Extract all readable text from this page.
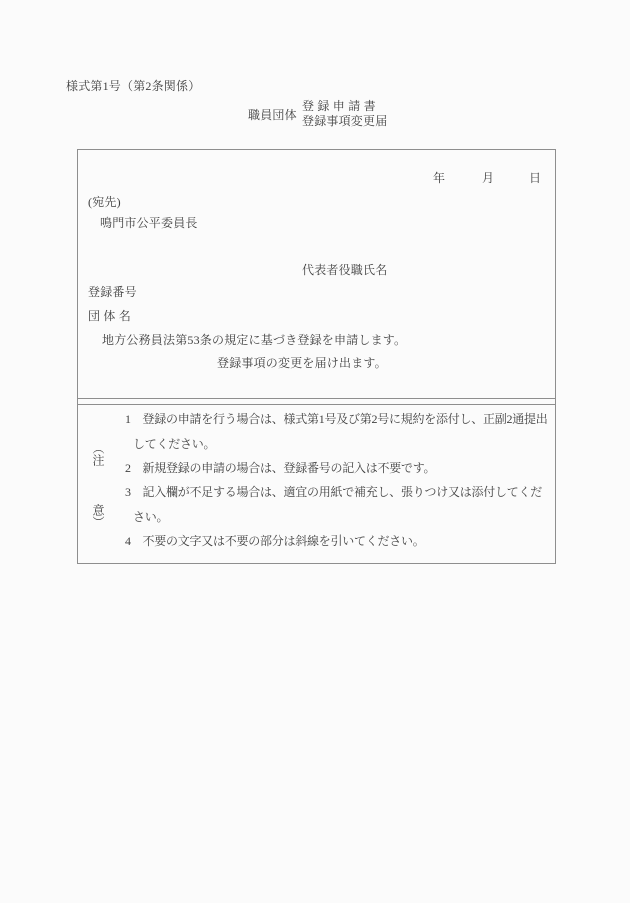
様式第1号（第2条関係）
職員団体
登 録 申 請 書
登録事項変更届
年	月	日
(宛先)
鳴門市公平委員長
代表者役職氏名
登録番号
団 体 名
地方公務員法第53条の規定に基づき登録を申請します。
登録事項の変更を届け出ます。
（注
意）
1　登録の申請を行う場合は、様式第1号及び第2号に規約を添付し、正副2通提出
してください。
2　新規登録の申請の場合は、登録番号の記入は不要です。
3　記入欄が不足する場合は、適宜の用紙で補充し、張りつけ又は添付してくだ
さい。
4　不要の文字又は不要の部分は斜線を引いてください。
